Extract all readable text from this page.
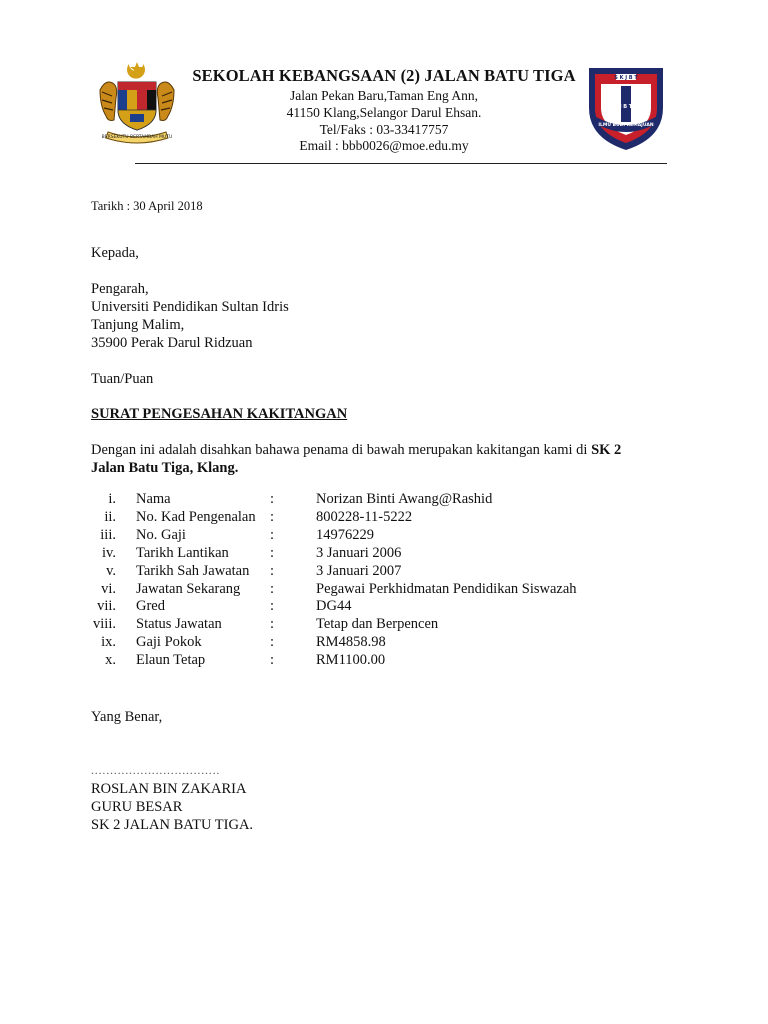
BERSEKUTU BERTAMBAH MUTU
S K J B T
J B T
ILMU BUDI KEMAJUAN
SEKOLAH KEBANGSAAN (2) JALAN BATU TIGA
Jalan Pekan Baru,Taman Eng Ann,
41150 Klang,Selangor Darul Ehsan.
Tel/Faks : 03-33417757
Email : bbb0026@moe.edu.my
Tarikh : 30 April 2018
Kepada,
Pengarah,
Universiti Pendidikan Sultan Idris
Tanjung Malim,
35900 Perak Darul Ridzuan
Tuan/Puan
SURAT PENGESAHAN KAKITANGAN
Dengan ini adalah disahkan bahawa penama di bawah merupakan kakitangan kami di SK 2
Jalan Batu Tiga, Klang.
i.	Nama	:	Norizan Binti Awang@Rashid
ii.	No. Kad Pengenalan	:	800228-11-5222
iii.	No. Gaji	:	14976229
iv.	Tarikh Lantikan	:	3 Januari 2006
v.	Tarikh Sah Jawatan	:	3 Januari 2007
vi.	Jawatan Sekarang	:	Pegawai Perkhidmatan Pendidikan Siswazah
vii.	Gred	:	DG44
viii.	Status Jawatan	:	Tetap dan Berpencen
ix.	Gaji Pokok	:	RM4858.98
x.	Elaun Tetap	:	RM1100.00
Yang Benar,
..................................
ROSLAN BIN ZAKARIA
GURU BESAR
SK 2 JALAN BATU TIGA.
